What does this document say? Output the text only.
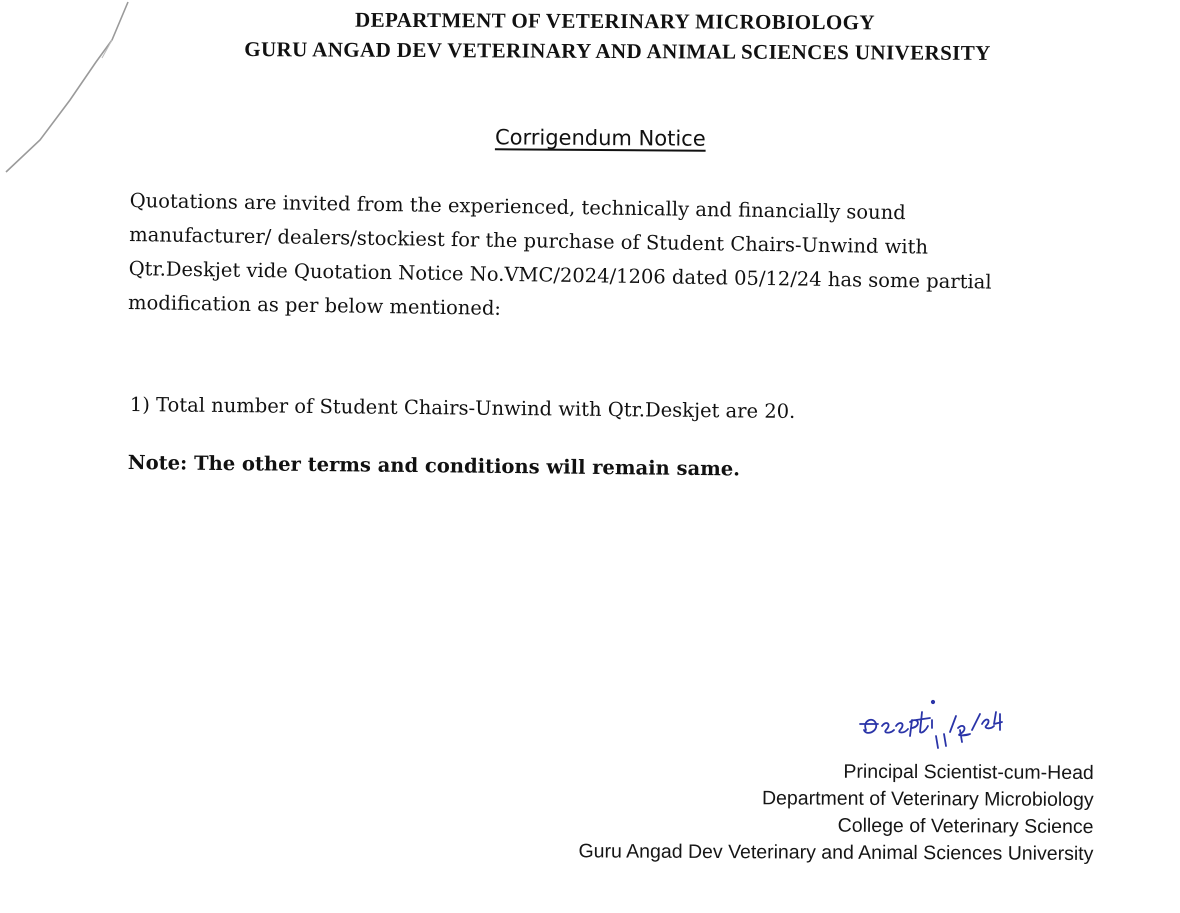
DEPARTMENT OF VETERINARY MICROBIOLOGY
GURU ANGAD DEV VETERINARY AND ANIMAL SCIENCES UNIVERSITY
Corrigendum Notice
Quotations are invited from the experienced, technically and financially sound
manufacturer/ dealers/stockiest for the purchase of Student Chairs-Unwind with
Qtr.Deskjet vide Quotation Notice No.VMC/2024/1206 dated 05/12/24 has some partial
modification as per below mentioned:
1) Total number of Student Chairs-Unwind with Qtr.Deskjet are 20.
Note: The other terms and conditions will remain same.
Principal Scientist-cum-Head
Department of Veterinary Microbiology
College of Veterinary Science
Guru Angad Dev Veterinary and Animal Sciences University
